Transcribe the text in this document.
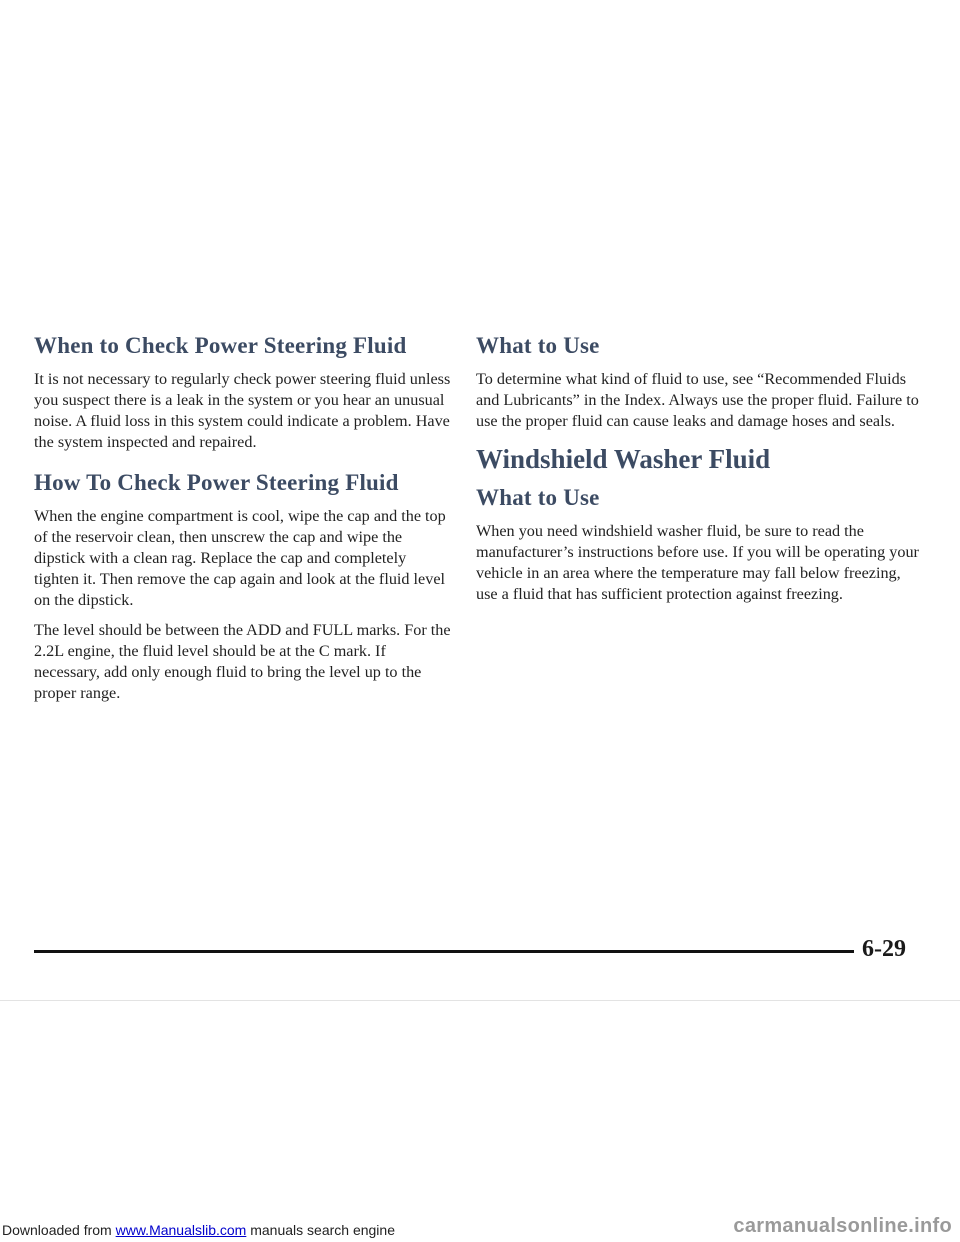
When to Check Power Steering Fluid

It is not necessary to regularly check power steering fluid unless you suspect there is a leak in the system or you hear an unusual noise. A fluid loss in this system could indicate a problem. Have the system inspected and repaired.

How To Check Power Steering Fluid

When the engine compartment is cool, wipe the cap and the top of the reservoir clean, then unscrew the cap and wipe the dipstick with a clean rag. Replace the cap and completely tighten it. Then remove the cap again and look at the fluid level on the dipstick.

The level should be between the ADD and FULL marks. For the 2.2L engine, the fluid level should be at the C mark. If necessary, add only enough fluid to bring the level up to the proper range.

What to Use

To determine what kind of fluid to use, see “Recommended Fluids and Lubricants” in the Index. Always use the proper fluid. Failure to use the proper fluid can cause leaks and damage hoses and seals.

Windshield Washer Fluid
What to Use

When you need windshield washer fluid, be sure to read the manufacturer’s instructions before use. If you will be operating your vehicle in an area where the temperature may fall below freezing, use a fluid that has sufficient protection against freezing.

6-29
Downloaded from www.Manualslib.com manuals search engine	carmanualsonline.info
